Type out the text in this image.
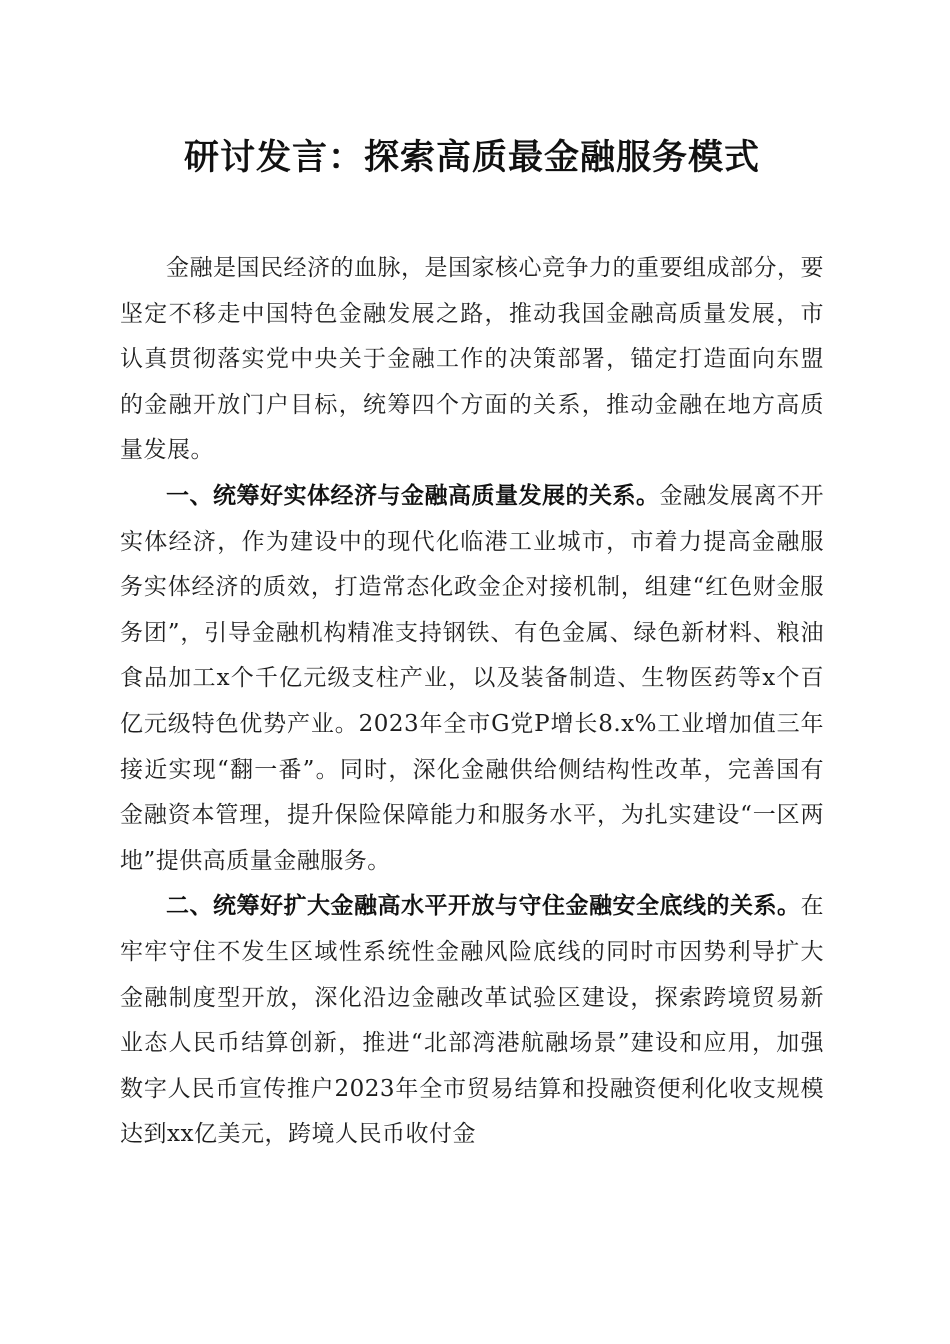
研讨发言：探索高质最金融服务模式

金融是国民经济的血脉，是国家核心竞争力的重要组成部分，要坚定不移走中国特色金融发展之路，推动我国金融高质量发展，市认真贯彻落实党中央关于金融工作的决策部署，锚定打造面向东盟的金融开放门户目标，统筹四个方面的关系，推动金融在地方高质量发展。

一、统筹好实体经济与金融高质量发展的关系。金融发展离不开实体经济，作为建设中的现代化临港工业城市，市着力提高金融服务实体经济的质效，打造常态化政金企对接机制，组建“红色财金服务团”，引导金融机构精准支持钢铁、有色金属、绿色新材料、粮油食品加工x个千亿元级支柱产业，以及装备制造、生物医药等x个百亿元级特色优势产业。2023年全市G党P增长8.x%工业增加值三年接近实现“翻一番”。同时，深化金融供给侧结构性改革，完善国有金融资本管理，提升保险保障能力和服务水平，为扎实建设“一区两地”提供高质量金融服务。

二、统筹好扩大金融高水平开放与守住金融安全底线的关系。在牢牢守住不发生区域性系统性金融风险底线的同时市因势利导扩大金融制度型开放，深化沿边金融改革试验区建设，探索跨境贸易新业态人民币结算创新，推进“北部湾港航融场景”建设和应用，加强数字人民币宣传推户2023年全市贸易结算和投融资便利化收支规模达到xx亿美元，跨境人民币收付金
